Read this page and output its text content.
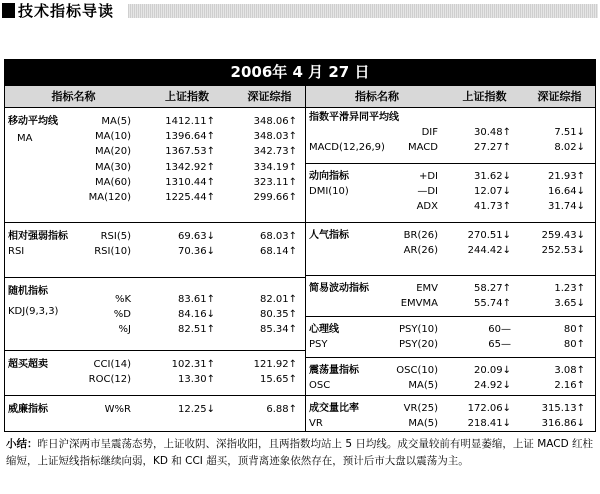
技术指标导读
2006年 4 月 27 日
指标名称	上证指数	深证综指	指标名称	上证指数	深证综指
移动平均线
MA
MA(5)	1412.11↑	348.06↑
MA(10)	1396.64↑	348.03↑
MA(20)	1367.53↑	342.73↑
MA(30)	1342.92↑	334.19↑
MA(60)	1310.44↑	323.11↑
MA(120)	1225.44↑	299.66↑
相对强弱指标
RSI
RSI(5)	69.63↓	68.03↑
RSI(10)	70.36↓	68.14↑
随机指标
KDJ(9,3,3)
%K	83.61↑	82.01↑
%D	84.16↓	80.35↑
%J	82.51↑	85.34↑
超买超卖	CCI(14)	102.31↑	121.92↑
ROC(12)	13.30↑	15.65↑
威廉指标	W%R	12.25↓	6.88↑
指数平滑异同平均线
DIF	30.48↑	7.51↓
MACD(12,26,9)	MACD	27.27↑	8.02↓
动向指标	+DI	31.62↓	21.93↑
DMI(10)	—DI	12.07↓	16.64↓
ADX	41.73↑	31.74↓
人气指标	BR(26)	270.51↓	259.43↓
AR(26)	244.42↓	252.53↓
简易波动指标	EMV	58.27↑	1.23↑
EMVMA	55.74↑	3.65↓
心理线	PSY(10)	60—	80↑
PSY	PSY(20)	65—	80↑
震荡量指标	OSC(10)	20.09↓	3.08↑
OSC	MA(5)	24.92↓	2.16↑
成交量比率	VR(25)	172.06↓	315.13↑
VR	MA(5)	218.41↓	316.86↓
小结：昨日沪深两市呈震荡态势，上证收阴、深指收阳，且两指数均站上 5 日均线。成交量较前有明显萎缩，上证 MACD 红柱缩短，上证短线指标继续向弱，KD 和 CCI 超买，顶背离迹象依然存在，预计后市大盘以震荡为主。
